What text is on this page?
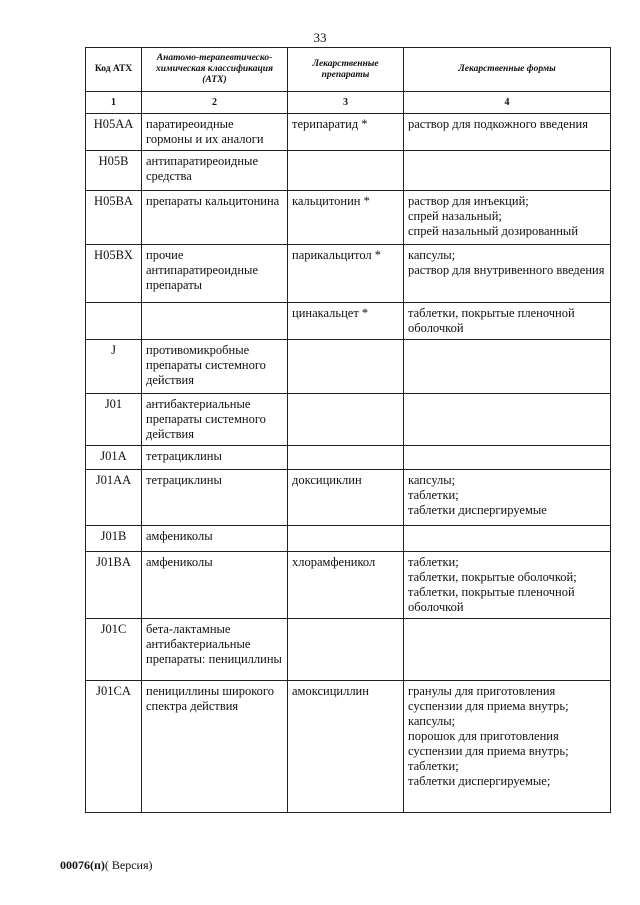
33
Код АТХ	Анатомо-терапевтическо-химическая классификация (АТХ)	Лекарственные препараты	Лекарственные формы
1	2	3	4
H05AA	паратиреоидные гормоны и их аналоги	терипаратид *	раствор для подкожного введения
H05B	антипаратиреоидные средства		
H05BA	препараты кальцитонина	кальцитонин *	раствор для инъекций;
спрей назальный;
спрей назальный дозированный
H05BX	прочие антипаратиреоидные препараты	парикальцитол *	капсулы;
раствор для внутривенного введения
		цинакальцет *	таблетки, покрытые пленочной оболочкой
J	противомикробные препараты системного действия		
J01	антибактериальные препараты системного действия		
J01A	тетрациклины		
J01AA	тетрациклины	доксициклин	капсулы;
таблетки;
таблетки диспергируемые
J01B	амфениколы		
J01BA	амфениколы	хлорамфеникол	таблетки;
таблетки, покрытые оболочкой;
таблетки, покрытые пленочной оболочкой
J01C	бета-лактамные антибактериальные препараты: пенициллины		
J01CA	пенициллины широкого спектра действия	амоксициллин	гранулы для приготовления суспензии для приема внутрь;
капсулы;
порошок для приготовления суспензии для приема внутрь;
таблетки;
таблетки диспергируемые;
00076(п)( Версия)
